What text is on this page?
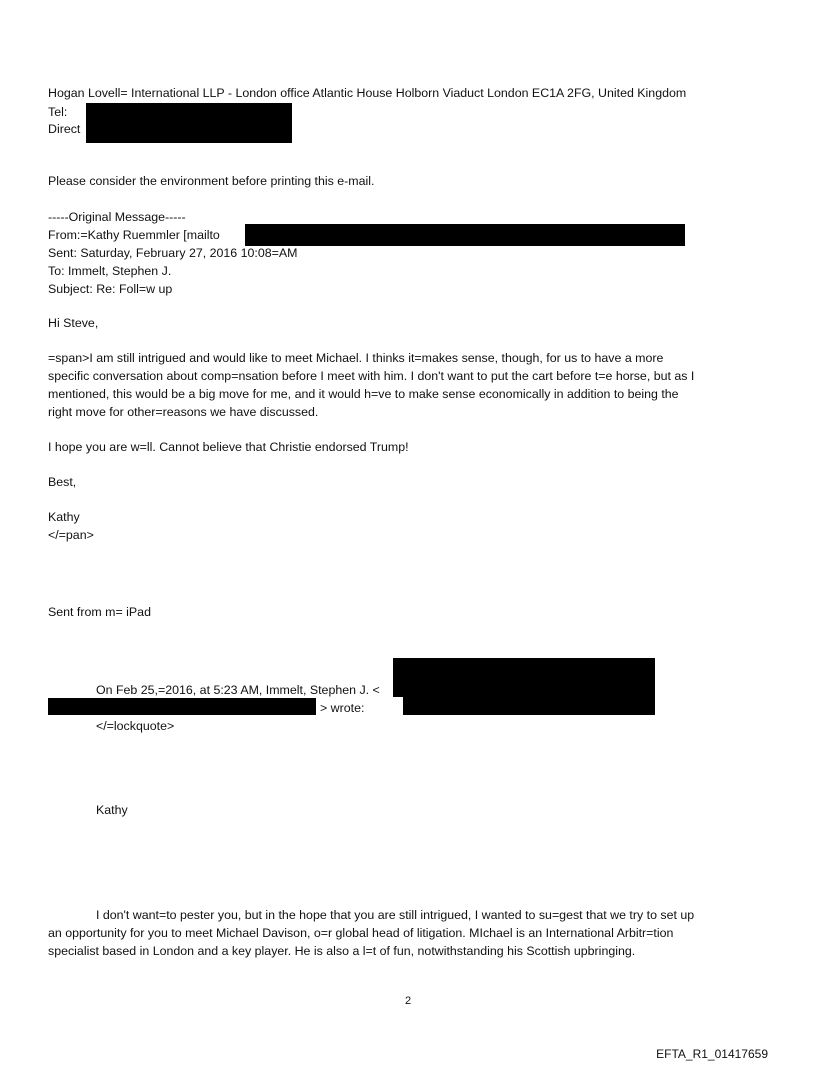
Hogan Lovell= International LLP - London office Atlantic House Holborn Viaduct London EC1A 2FG, United Kingdom
Tel:
Direct
Please consider the environment before printing this e-mail.
-----Original Message-----
From:=Kathy Ruemmler [mailto
Sent: Saturday, February 27, 2016 10:08=AM
To: Immelt, Stephen J.
Subject: Re: Foll=w up
Hi Steve,
=span>I am still intrigued and would like to meet Michael. I thinks it=makes sense, though, for us to have a more
specific conversation about comp=nsation before I meet with him. I don't want to put the cart before t=e horse, but as I
mentioned, this would be a big move for me, and it would h=ve to make sense economically in addition to being the
right move for other=reasons we have discussed.
I hope you are w=ll. Cannot believe that Christie endorsed Trump!
Best,
Kathy
</=pan>
Sent from m= iPad
On Feb 25,=2016, at 5:23 AM, Immelt, Stephen J. <
> wrote:
</=lockquote>
Kathy
I don't want=to pester you, but in the hope that you are still intrigued, I wanted to su=gest that we try to set up
an opportunity for you to meet Michael Davison, o=r global head of litigation. MIchael is an International Arbitr=tion
specialist based in London and a key player. He is also a l=t of fun, notwithstanding his Scottish upbringing.
2
EFTA_R1_01417659
